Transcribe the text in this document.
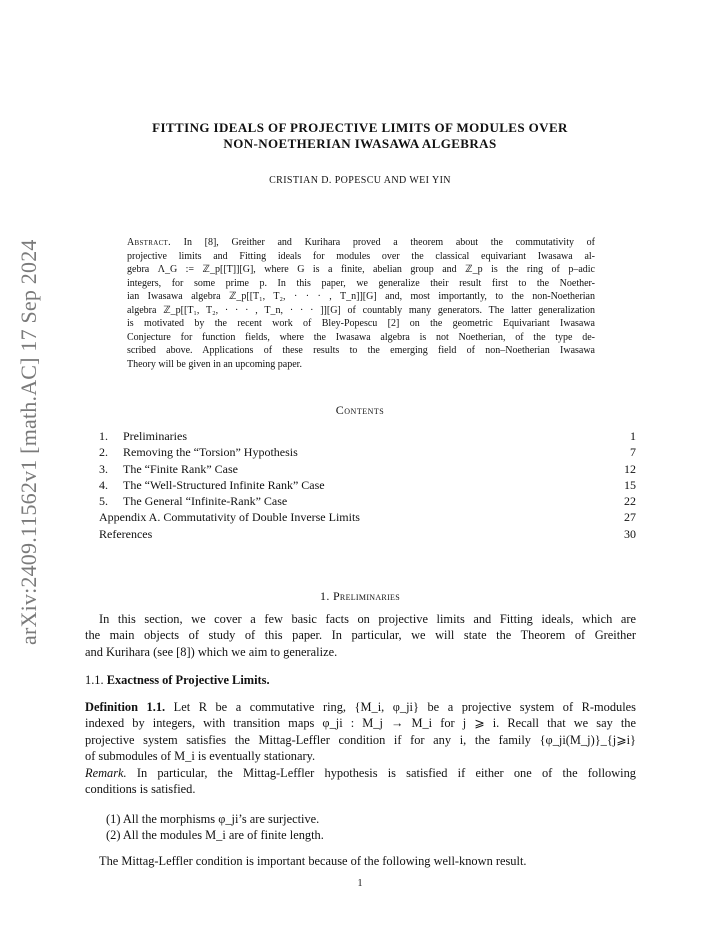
arXiv:2409.11562v1 [math.AC] 17 Sep 2024
FITTING IDEALS OF PROJECTIVE LIMITS OF MODULES OVER
NON-NOETHERIAN IWASAWA ALGEBRAS
CRISTIAN D. POPESCU AND WEI YIN
Abstract. In [8], Greither and Kurihara proved a theorem about the commutativity of
projective limits and Fitting ideals for modules over the classical equivariant Iwasawa al-
gebra Λ_G := ℤ_p[[T]][G], where G is a finite, abelian group and ℤ_p is the ring of p–adic
integers, for some prime p. In this paper, we generalize their result first to the Noether-
ian Iwasawa algebra ℤ_p[[T₁, T₂, · · · , T_n]][G] and, most importantly, to the non-Noetherian
algebra ℤ_p[[T₁, T₂, · · · , T_n, · · · ]][G] of countably many generators. The latter generalization
is motivated by the recent work of Bley-Popescu [2] on the geometric Equivariant Iwasawa
Conjecture for function fields, where the Iwasawa algebra is not Noetherian, of the type de-
scribed above. Applications of these results to the emerging field of non–Noetherian Iwasawa
Theory will be given in an upcoming paper.
Contents
1. Preliminaries	1
2. Removing the “Torsion” Hypothesis	7
3. The “Finite Rank” Case	12
4. The “Well-Structured Infinite Rank” Case	15
5. The General “Infinite-Rank” Case	22
Appendix A. Commutativity of Double Inverse Limits	27
References	30
1. Preliminaries
In this section, we cover a few basic facts on projective limits and Fitting ideals, which are
the main objects of study of this paper. In particular, we will state the Theorem of Greither
and Kurihara (see [8]) which we aim to generalize.
1.1. Exactness of Projective Limits.
Definition 1.1. Let R be a commutative ring, {M_i, φ_ji} be a projective system of R-modules
indexed by integers, with transition maps φ_ji : M_j → M_i for j ⩾ i. Recall that we say the
projective system satisfies the Mittag-Leffler condition if for any i, the family {φ_ji(M_j)}_{j⩾i}
of submodules of M_i is eventually stationary.
Remark. In particular, the Mittag-Leffler hypothesis is satisfied if either one of the following
conditions is satisfied.
(1) All the morphisms φ_ji’s are surjective.
(2) All the modules M_i are of finite length.
The Mittag-Leffler condition is important because of the following well-known result.
1
